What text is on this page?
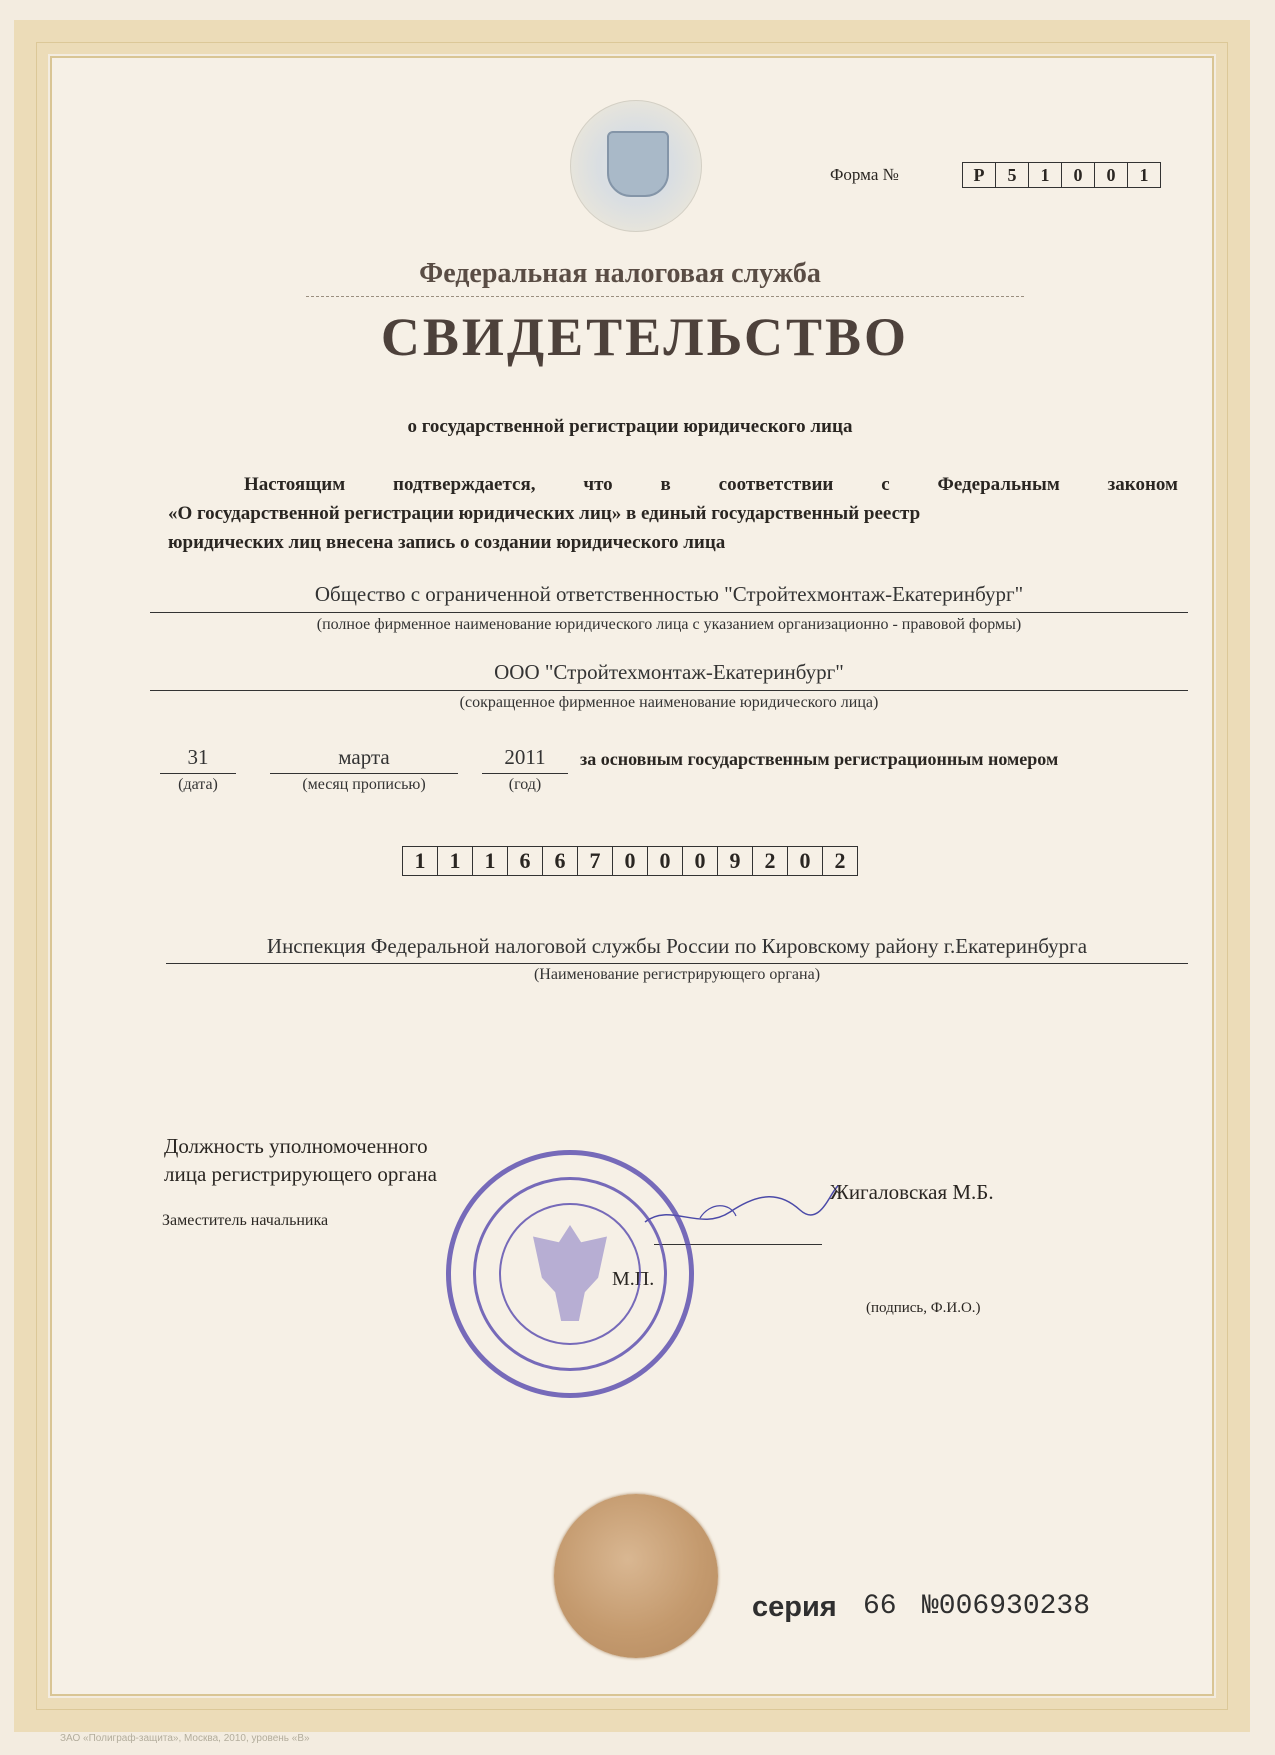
Форма №	Р	5	1	0	0	1
Федеральная налоговая служба
СВИДЕТЕЛЬСТВО
о государственной регистрации юридического лица
Настоящим подтверждается, что в соответствии с Федеральным законом
«О государственной регистрации юридических лиц» в единый государственный реестр
юридических лиц внесена запись о создании юридического лица
Общество с ограниченной ответственностью "Стройтехмонтаж-Екатеринбург"
(полное фирменное наименование юридического лица с указанием организационно - правовой формы)
ООО "Стройтехмонтаж-Екатеринбург"
(сокращенное фирменное наименование юридического лица)
31
(дата)
марта
(месяц прописью)
2011
(год)
за основным государственным регистрационным номером
1	1	1	6	6	7	0	0	0	9	2	0	2
Инспекция Федеральной налоговой службы России по Кировскому району г.Екатеринбурга
(Наименование регистрирующего органа)
Должность уполномоченного
лица регистрирующего органа
Заместитель начальника
Жигаловская М.Б.
М.П.
(подпись, Ф.И.О.)
серия 66 №006930238
ЗАО «Полиграф-защита», Москва, 2010, уровень «В»
